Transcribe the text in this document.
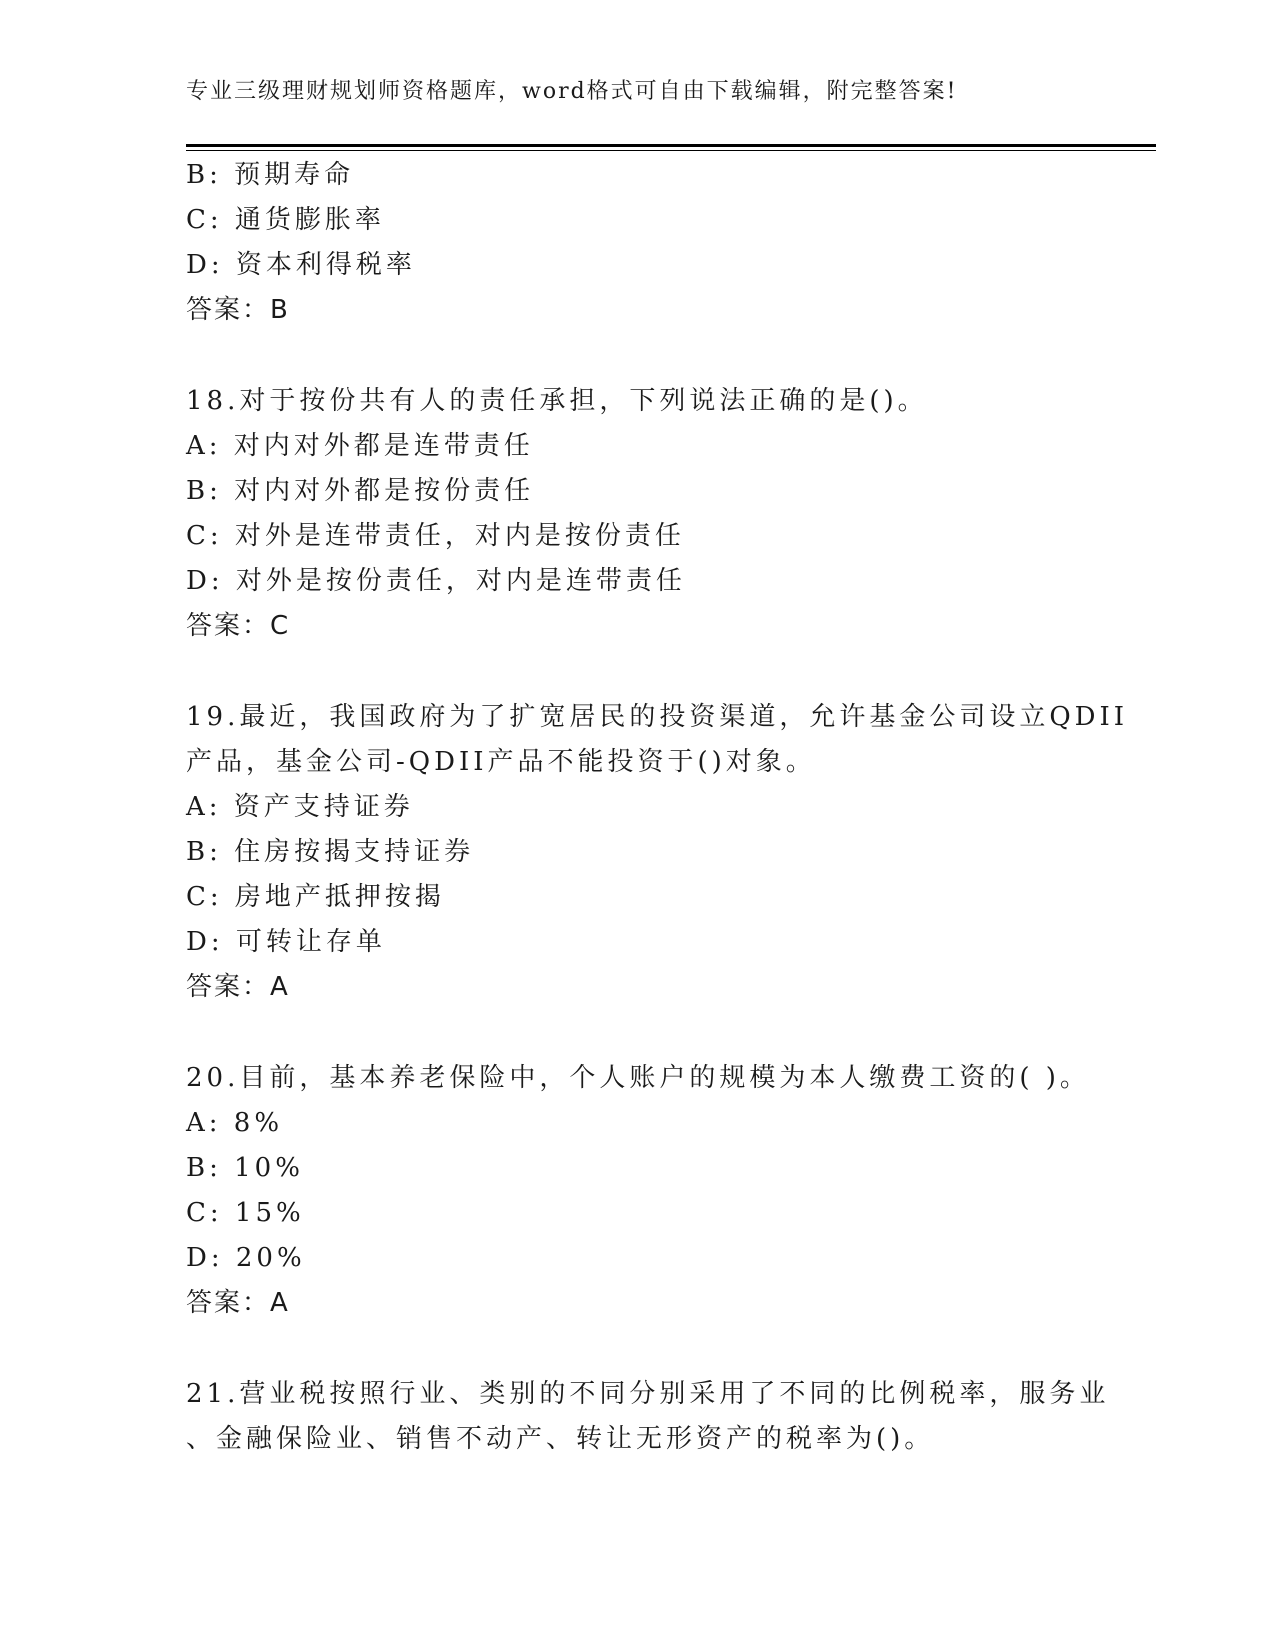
专业三级理财规划师资格题库，word格式可自由下载编辑，附完整答案!
B: 预期寿命
C: 通货膨胀率
D: 资本利得税率
答案：B
18.对于按份共有人的责任承担，下列说法正确的是()。
A: 对内对外都是连带责任
B: 对内对外都是按份责任
C: 对外是连带责任，对内是按份责任
D: 对外是按份责任，对内是连带责任
答案：C
19.最近，我国政府为了扩宽居民的投资渠道，允许基金公司设立QDII
产品，基金公司-QDII产品不能投资于()对象。
A: 资产支持证券
B: 住房按揭支持证券
C: 房地产抵押按揭
D: 可转让存单
答案：A
20.目前，基本养老保险中，个人账户的规模为本人缴费工资的( )。
A: 8%
B: 10%
C: 15%
D: 20%
答案：A
21.营业税按照行业、类别的不同分别采用了不同的比例税率，服务业
、金融保险业、销售不动产、转让无形资产的税率为()。
